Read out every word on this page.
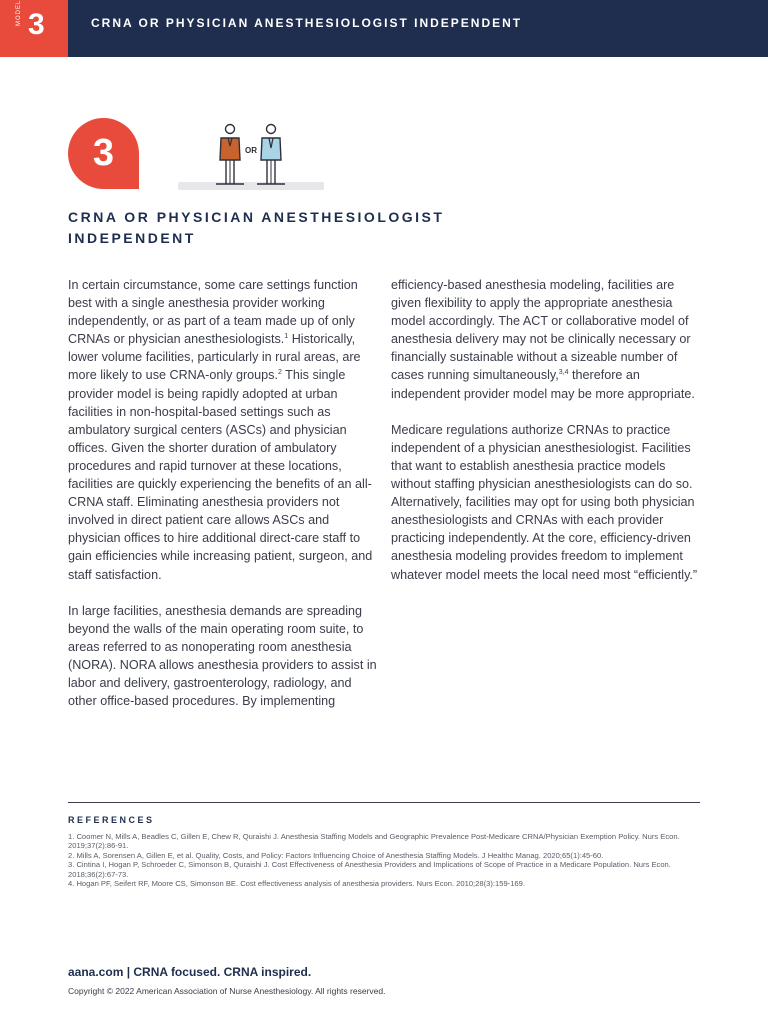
MODEL 3	CRNA OR PHYSICIAN ANESTHESIOLOGIST INDEPENDENT
3	OR
CRNA OR PHYSICIAN ANESTHESIOLOGIST
INDEPENDENT

In certain circumstance, some care settings function best with a single anesthesia provider working independently, or as part of a team made up of only CRNAs or physician anesthesiologists.$^1$ Historically, lower volume facilities, particularly in rural areas, are more likely to use CRNA-only groups.$^2$ This single provider model is being rapidly adopted at urban facilities in non-hospital-based settings such as ambulatory surgical centers (ASCs) and physician offices. Given the shorter duration of ambulatory procedures and rapid turnover at these locations, facilities are quickly experiencing the benefits of an all-CRNA staff. Eliminating anesthesia providers not involved in direct patient care allows ASCs and physician offices to hire additional direct-care staff to gain efficiencies while increasing patient, surgeon, and staff satisfaction.

In large facilities, anesthesia demands are spreading beyond the walls of the main operating room suite, to areas referred to as nonoperating room anesthesia (NORA). NORA allows anesthesia providers to assist in labor and delivery, gastroenterology, radiology, and other office-based procedures. By implementing

efficiency-based anesthesia modeling, facilities are given flexibility to apply the appropriate anesthesia model accordingly. The ACT or collaborative model of anesthesia delivery may not be clinically necessary or financially sustainable without a sizeable number of cases running simultaneously,$^{3,4}$ therefore an independent provider model may be more appropriate.

Medicare regulations authorize CRNAs to practice independent of a physician anesthesiologist. Facilities that want to establish anesthesia practice models without staffing physician anesthesiologists can do so. Alternatively, facilities may opt for using both physician anesthesiologists and CRNAs with each provider practicing independently. At the core, efficiency-driven anesthesia modeling provides freedom to implement whatever model meets the local need most “efficiently.”

REFERENCES
1. Coomer N, Mills A, Beadles C, Gillen E, Chew R, Quraishi J. Anesthesia Staffing Models and Geographic Prevalence Post-Medicare CRNA/Physician Exemption Policy. Nurs Econ. 2019;37(2):86-91.
2. Mills A, Sorensen A, Gillen E, et al. Quality, Costs, and Policy: Factors Influencing Choice of Anesthesia Staffing Models. J Healthc Manag. 2020;65(1):45-60.
3. Cintina I, Hogan P, Schroeder C, Simonson B, Quraishi J. Cost Effectiveness of Anesthesia Providers and Implications of Scope of Practice in a Medicare Population. Nurs Econ. 2018;36(2):67-73.
4. Hogan PF, Seifert RF, Moore CS, Simonson BE. Cost effectiveness analysis of anesthesia providers. Nurs Econ. 2010;28(3):159-169.
aana.com | CRNA focused. CRNA inspired.
Copyright © 2022 American Association of Nurse Anesthesiology. All rights reserved.
